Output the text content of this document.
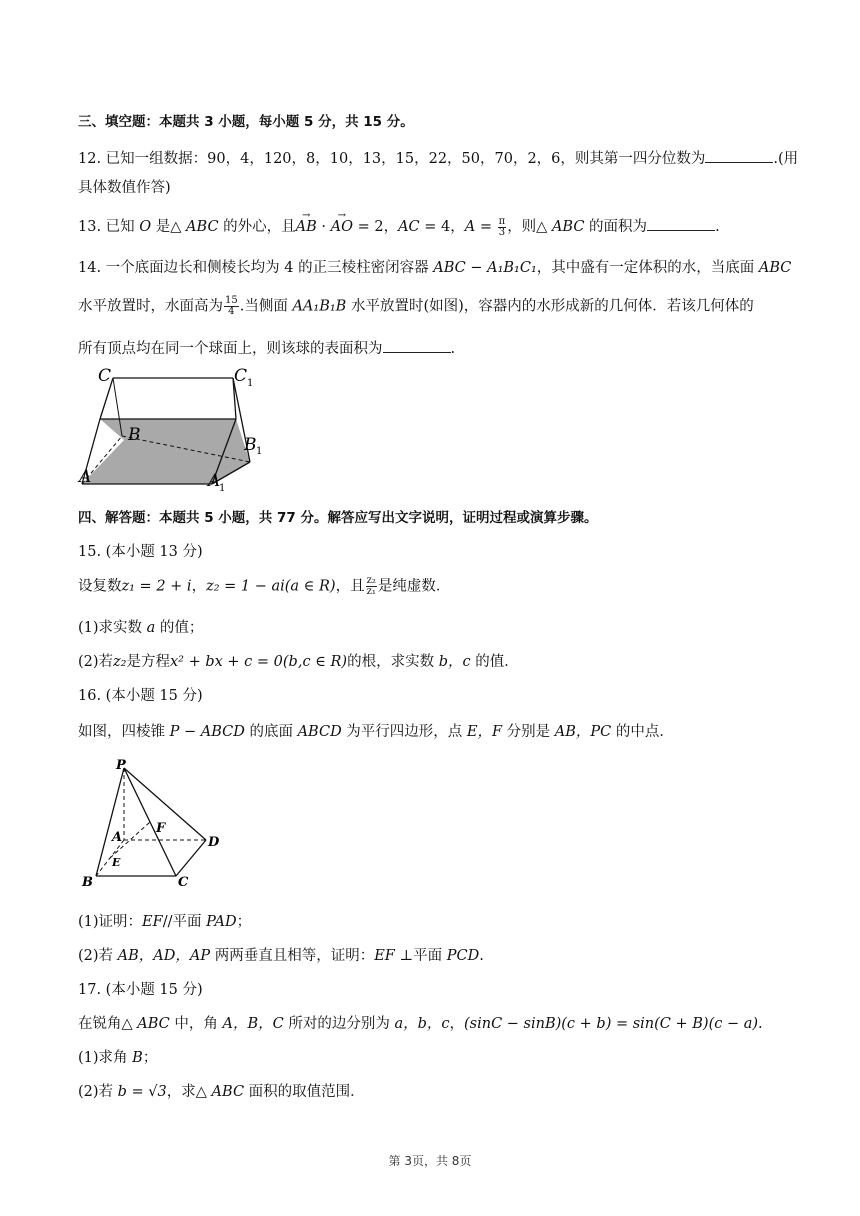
三、填空题：本题共 3 小题，每小题 5 分，共 15 分。
12. 已知一组数据：90，4，120，8，10，13，15，22，50，70，2，6，则其第一四分位数为	.(用
具体数值作答)
13. 已知 O 是△ ABC 的外心，且→ AB · → AO = 2，AC = 4，$A = \frac{\pi}{3}$ ，则△ ABC 的面积为	.
14. 一个底面边长和侧棱长均为 4 的正三棱柱密闭容器 ABC − A₁B₁C₁，其中盛有一定体积的水，当底面 ABC
水平放置时，水面高为 $\frac{15}{4}$ .当侧面 AA₁B₁B 水平放置时(如图)，容器内的水形成新的几何体．若该几何体的
所有顶点均在同一个球面上，则该球的表面积为	.
C	C 1
B	B 1
A	A
1
四、解答题：本题共 5 小题，共 77 分。解答应写出文字说明，证明过程或演算步骤。
15. (本小题 13 分)
设复数z₁ = 2 + i，z₂ = 1 − ai(a ∈ R)，且 $\frac{\text{z₂}}{\text{z₁}}$ 是纯虚数．
(1)求实数 a 的值；
(2)若z₂是方程x² + bx + c = 0(b,c ∈ R)的根，求实数 b，c 的值．
16. (本小题 15 分)
如图，四棱锥 P − ABCD 的底面 ABCD 为平行四边形，点 E，F 分别是 AB，PC 的中点．
P
F
A
E
D
B	C
(1)证明：EF//平面 PAD；
(2)若 AB，AD，AP 两两垂直且相等，证明：EF ⊥平面 PCD.
17. (本小题 15 分)
在锐角△ ABC 中，角 A，B，C 所对的边分别为 a，b，c，(sinC − sinB)(c + b) = sin(C + B)(c − a).
(1)求角 B；
(2)若 b = √3，求△ ABC 面积的取值范围．
第 3页，共 8页
